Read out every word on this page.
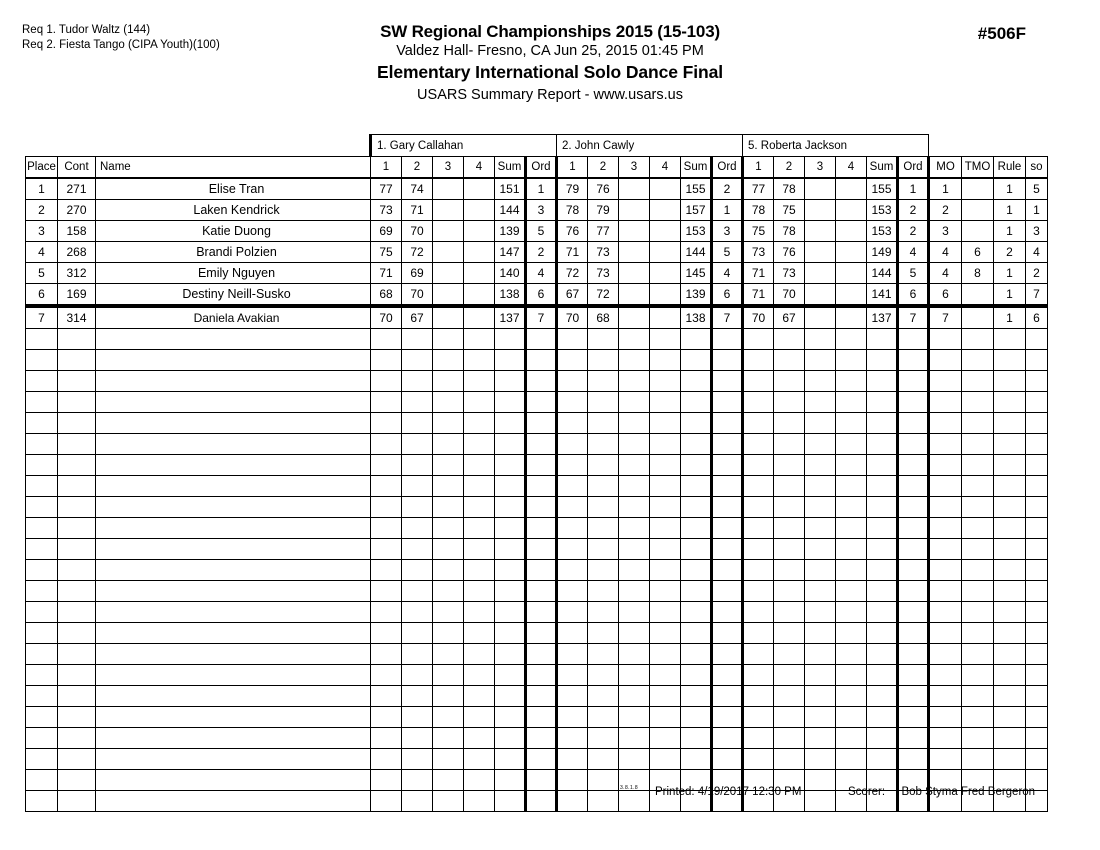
Req 1. Tudor Waltz (144)
Req 2. Fiesta Tango (CIPA Youth)(100)
SW Regional Championships 2015 (15-103)
Valdez Hall- Fresno, CA Jun 25, 2015 01:45 PM
Elementary International Solo Dance Final
USARS Summary Report - www.usars.us
#506F
			1. Gary Callahan						2. John Cawly						5. Roberta Jackson									
Place	Cont	Name	1	2	3	4	Sum	Ord	1	2	3	4	Sum	Ord	1	2	3	4	Sum	Ord	MO	TMO	Rule	so
1	271	Elise Tran	77	74			151	1	79	76			155	2	77	78			155	1	1		1	5
2	270	Laken Kendrick	73	71			144	3	78	79			157	1	78	75			153	2	2		1	1
3	158	Katie Duong	69	70			139	5	76	77			153	3	75	78			153	2	3		1	3
4	268	Brandi Polzien	75	72			147	2	71	73			144	5	73	76			149	4	4	6	2	4
5	312	Emily Nguyen	71	69			140	4	72	73			145	4	71	73			144	5	4	8	1	2
6	169	Destiny Neill-Susko	68	70			138	6	67	72			139	6	71	70			141	6	6		1	7
7	314	Daniela Avakian	70	67			137	7	70	68			138	7	70	67			137	7	7		1	6

3.8.1.8 Printed: 4/19/2017 12:30 PM	Scorer: Bob Styma Fred Bergeron
